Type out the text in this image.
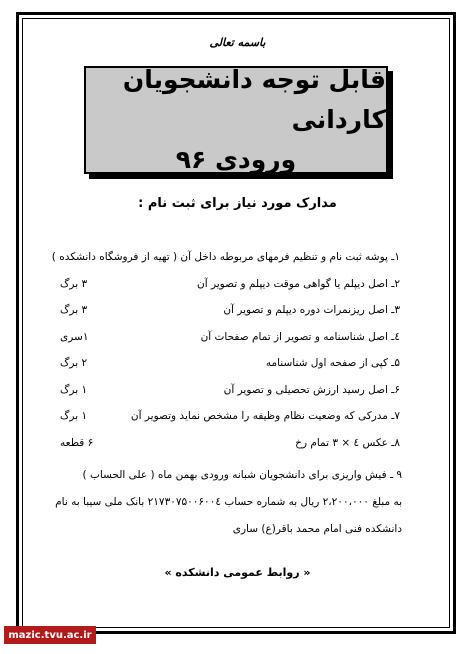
باسمه تعالی
قابل توجه دانشجویان کاردانی
ورودی ۹۶
مدارک مورد نیاز برای ثبت نام :
۱ـ پوشه ثبت نام و تنظیم فرمهای مربوطه داخل آن ( تهیه از فروشگاه دانشکده )
۲ـ اصل دیپلم یا گواهی موقت دیپلم و تصویر آن
۳ برگ
۳ـ اصل ریزنمرات دوره دیپلم و تصویر آن
۳ برگ
٤ـ اصل شناسنامه و تصویر از تمام صفحات آن
۱سری
۵ـ کپی از صفحه اول شناسنامه
۲ برگ
۶ـ اصل رسید ارزش تحصیلی و تصویر آن
۱ برگ
۷ـ مدرکی که وضعیت نظام وظیفه را مشخص نماید وتصویر آن
۱ برگ
۸ـ عکس ٤ × ۳ تمام رخ
۶ قطعه
۹ ـ فیش واریزی برای دانشجویان شبانه ورودی بهمن ماه ( علی الحساب )
به مبلغ ۲،۲۰۰،۰۰۰ ریال به شماره حساب ۲۱۷۳۰۷۵۰۰۶۰۰٤ بانک ملی سیبا به نام
دانشکده فنی امام محمد باقر(ع) ساری
« روابط عمومی دانشکده »
mazic.tvu.ac.ir
